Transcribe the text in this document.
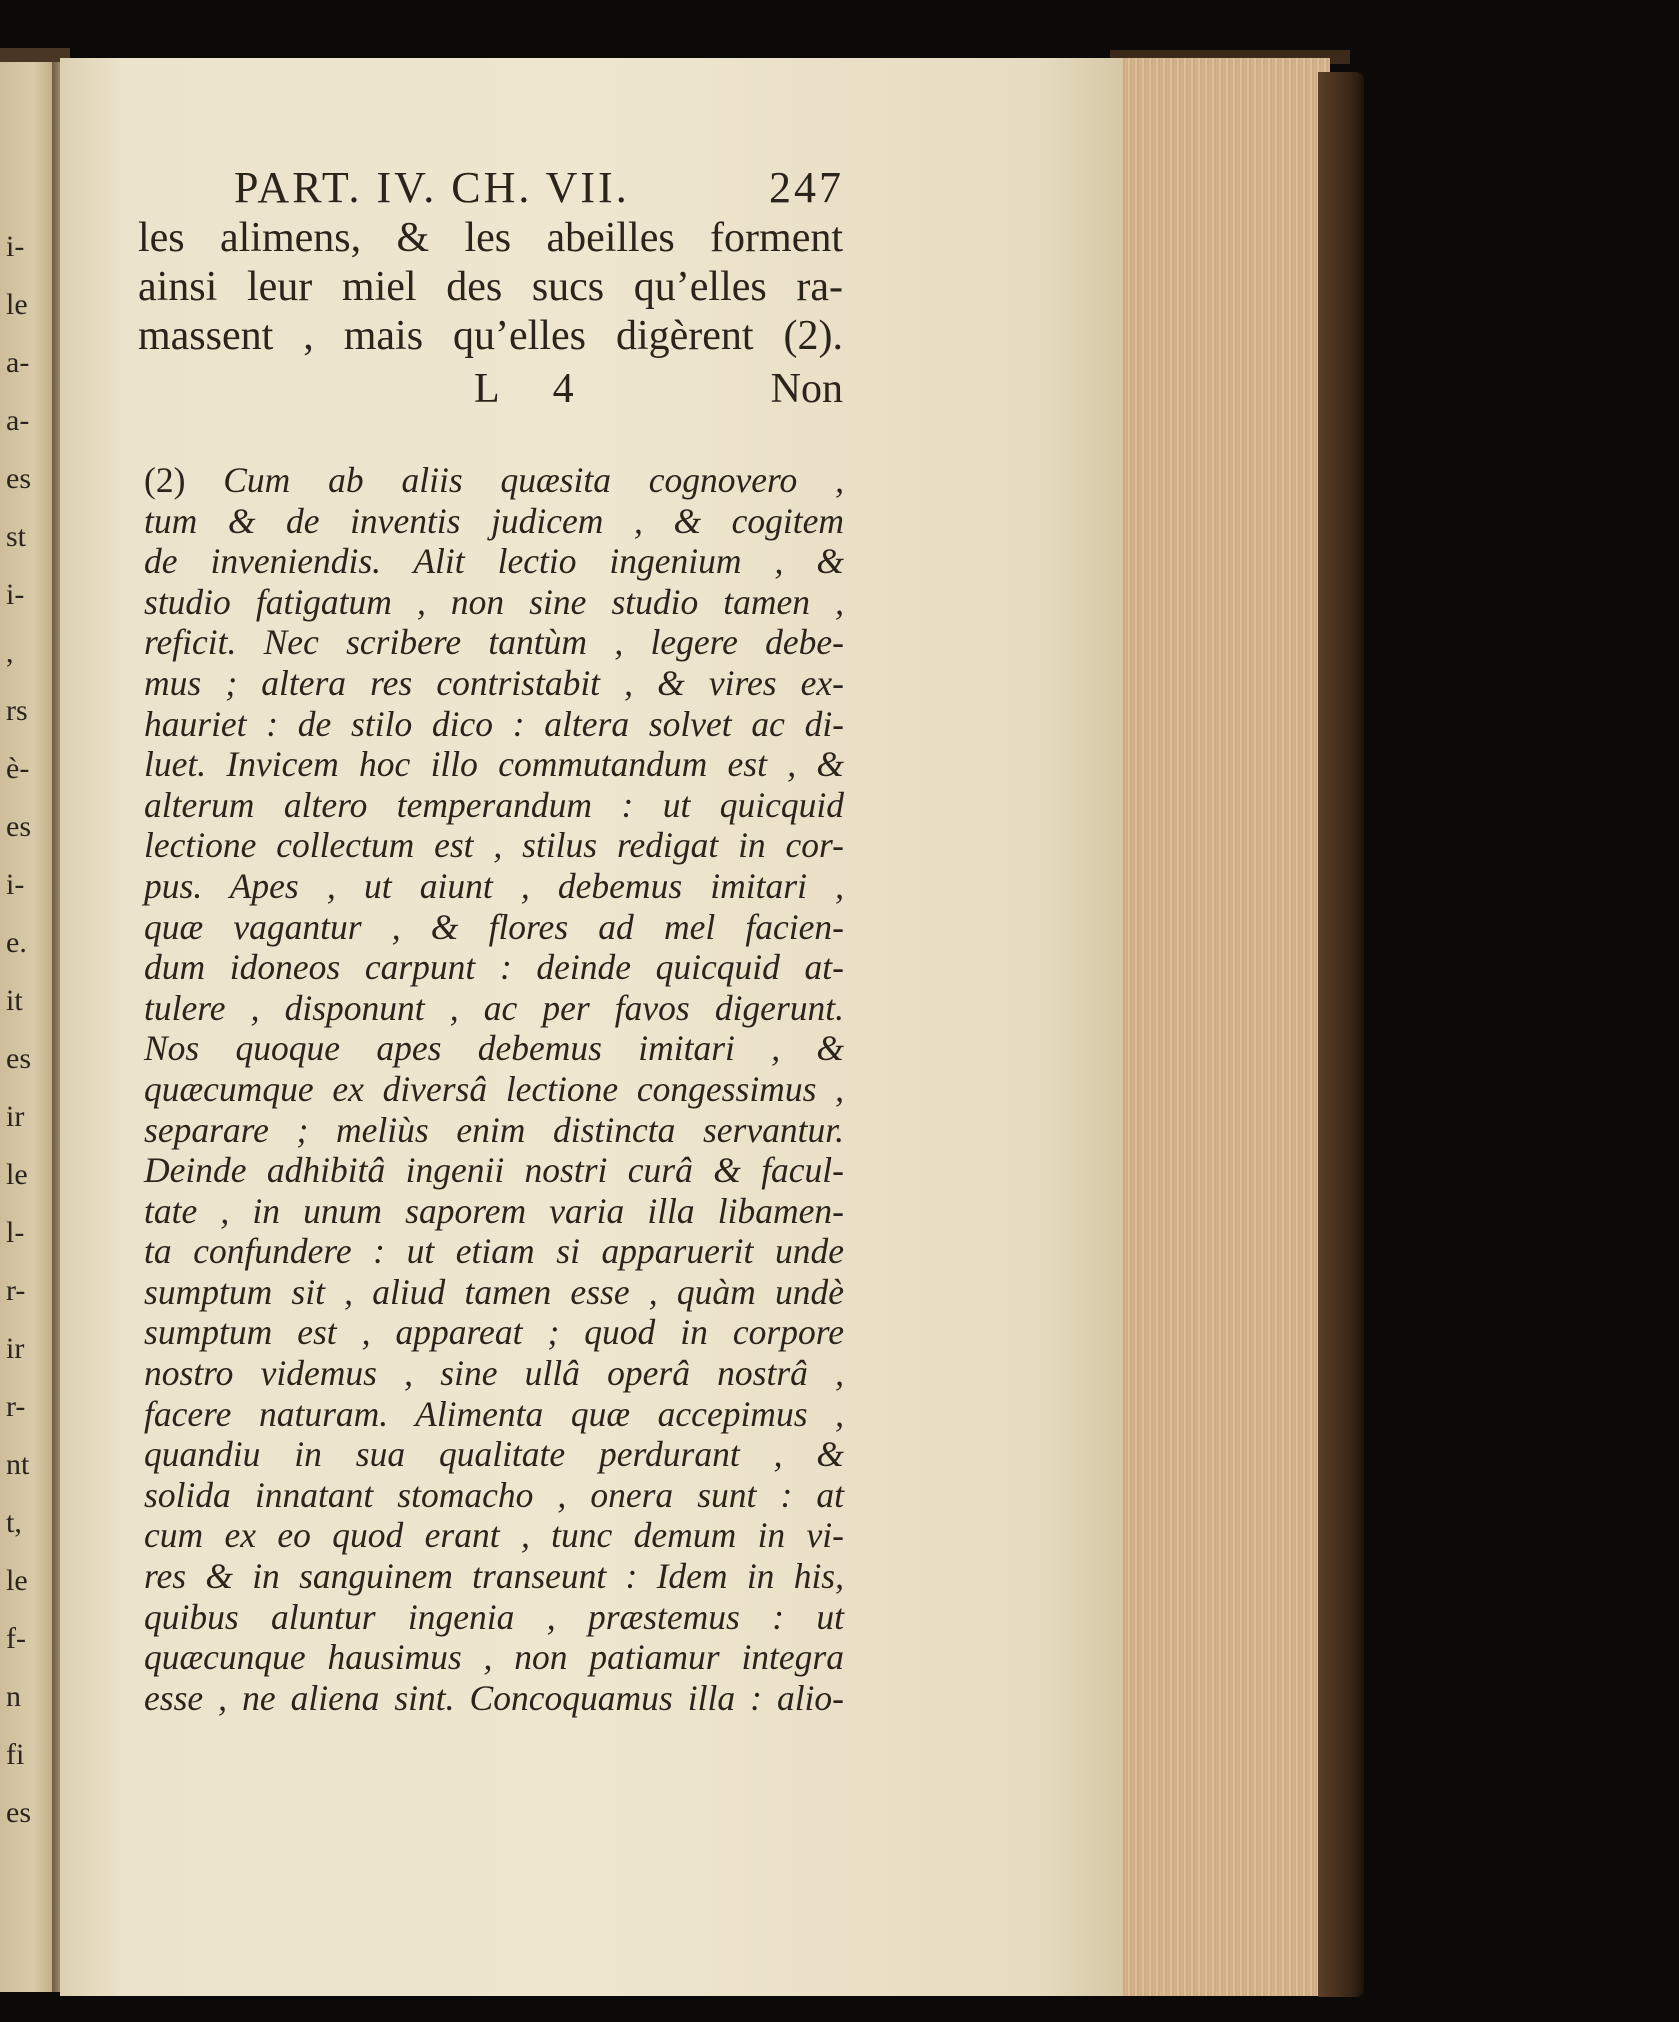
PART. IV. CH. VII.	247
les alimens, & les abeilles forment
ainsi leur miel des sucs qu’elles ra-
massent , mais qu’elles digèrent (2).
L 4	Non
(2) Cum ab aliis quæsita cognovero ,
tum & de inventis judicem , & cogitem
de inveniendis. Alit lectio ingenium , &
studio fatigatum , non sine studio tamen ,
reficit. Nec scribere tantùm , legere debe-
mus ; altera res contristabit , & vires ex-
hauriet : de stilo dico : altera solvet ac di-
luet. Invicem hoc illo commutandum est , &
alterum altero temperandum : ut quicquid
lectione collectum est , stilus redigat in cor-
pus. Apes , ut aiunt , debemus imitari ,
quæ vagantur , & flores ad mel facien-
dum idoneos carpunt : deinde quicquid at-
tulere , disponunt , ac per favos digerunt.
Nos quoque apes debemus imitari , &
quæcumque ex diversâ lectione congessimus ,
separare ; meliùs enim distincta servantur.
Deinde adhibitâ ingenii nostri curâ & facul-
tate , in unum saporem varia illa libamen-
ta confundere : ut etiam si apparuerit unde
sumptum sit , aliud tamen esse , quàm undè
sumptum est , appareat ; quod in corpore
nostro videmus , sine ullâ operâ nostrâ ,
facere naturam. Alimenta quæ accepimus ,
quandiu in sua qualitate perdurant , &
solida innatant stomacho , onera sunt : at
cum ex eo quod erant , tunc demum in vi-
res & in sanguinem transeunt : Idem in his,
quibus aluntur ingenia , præstemus : ut
quæcunque hausimus , non patiamur integra
esse , ne aliena sint. Concoquamus illa : alio-
i-
le
a-
a-
es
st
i-
,
rs
è-
es
i-
e.
it
es
ir
le
l-
r-
ir
r-
nt
t,
le
f-
n
fi
es
